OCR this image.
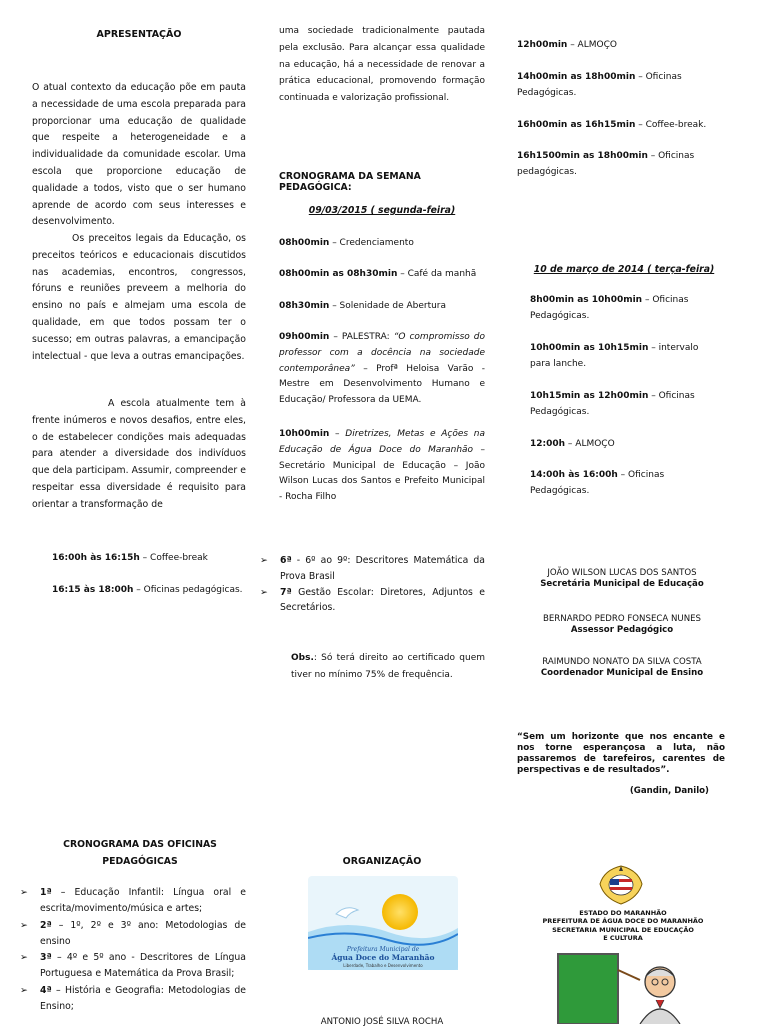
APRESENTAÇÃO

O atual contexto da educação põe em pauta a necessidade de uma escola preparada para proporcionar uma educação de qualidade que respeite a heterogeneidade e a individualidade da comunidade escolar. Uma escola que proporcione educação de qualidade a todos, visto que o ser humano aprende de acordo com seus interesses e desenvolvimento.

Os preceitos legais da Educação, os preceitos teóricos e educacionais discutidos nas academias, encontros, congressos, fóruns e reuniões preveem a melhoria do ensino no país e almejam uma escola de qualidade, em que todos possam ter o sucesso; em outras palavras, a emancipação intelectual - que leva a outras emancipações.

A escola atualmente tem à frente inúmeros e novos desafios, entre eles, o de estabelecer condições mais adequadas para atender a diversidade dos indivíduos que dela participam. Assumir, compreender e respeitar essa diversidade é requisito para orientar a transformação de

uma sociedade tradicionalmente pautada pela exclusão. Para alcançar essa qualidade na educação, há a necessidade de renovar a prática educacional, promovendo formação continuada e valorização profissional.

CRONOGRAMA DA SEMANA PEDAGÓGICA:
09/03/2015 ( segunda-feira)
08h00min – Credenciamento
08h00min as 08h30min – Café da manhã
08h30min – Solenidade de Abertura
09h00min – PALESTRA: “O compromisso do professor com a docência na sociedade contemporânea” – Profª Heloisa Varão - Mestre em Desenvolvimento Humano e Educação/ Professora da UEMA.
10h00min – Diretrizes, Metas e Ações na Educação de Água Doce do Maranhão – Secretário Municipal de Educação – João Wilson Lucas dos Santos e Prefeito Municipal - Rocha Filho
12h00min – ALMOÇO
14h00min as 18h00min – Oficinas Pedagógicas.
16h00min as 16h15min – Coffee-break.
16h1500min as 18h00min – Oficinas pedagógicas.
10 de março de 2014 ( terça-feira)
8h00min as 10h00min – Oficinas Pedagógicas.
10h00min as 10h15min – intervalo para lanche.
10h15min as 12h00min – Oficinas Pedagógicas.
12:00h – ALMOÇO
14:00h às 16:00h – Oficinas Pedagógicas.
16:00h às 16:15h – Coffee-break
16:15 às 18:00h – Oficinas pedagógicas.
CRONOGRAMA DAS OFICINAS PEDAGÓGICAS
➢ 1ª – Educação Infantil: Língua oral e escrita/movimento/música e artes;
➢ 2ª – 1º, 2º e 3º ano: Metodologias de ensino
➢ 3ª – 4º e 5º ano - Descritores de Língua Portuguesa e Matemática da Prova Brasil;
➢ 4ª – História e Geografia: Metodologias de Ensino;
➢ 6ª - 6º ao 9º: Descritores Matemática da Prova Brasil
➢ 7ª Gestão Escolar: Diretores, Adjuntos e Secretários.
Obs.: Só terá direito ao certificado quem tiver no mínimo 75% de frequência.
ORGANIZAÇÃO
Prefeitura Municipal de
Água Doce do Maranhão
Liberdade, Trabalho e Desenvolvimento
ANTONIO JOSÉ SILVA ROCHA
JOÃO WILSON LUCAS DOS SANTOS
Secretária Municipal de Educação
BERNARDO PEDRO FONSECA NUNES
Assessor Pedagógico
RAIMUNDO NONATO DA SILVA COSTA
Coordenador Municipal de Ensino

“Sem um horizonte que nos encante e nos torne esperançosa a luta, não passaremos de tarefeiros, carentes de perspectivas e de resultados”.

(Gandin, Danilo)
ESTADO DO MARANHÃO
PREFEITURA DE ÁGUA DOCE DO MARANHÃO
SECRETARIA MUNICIPAL DE EDUCAÇÃO E CULTURA
